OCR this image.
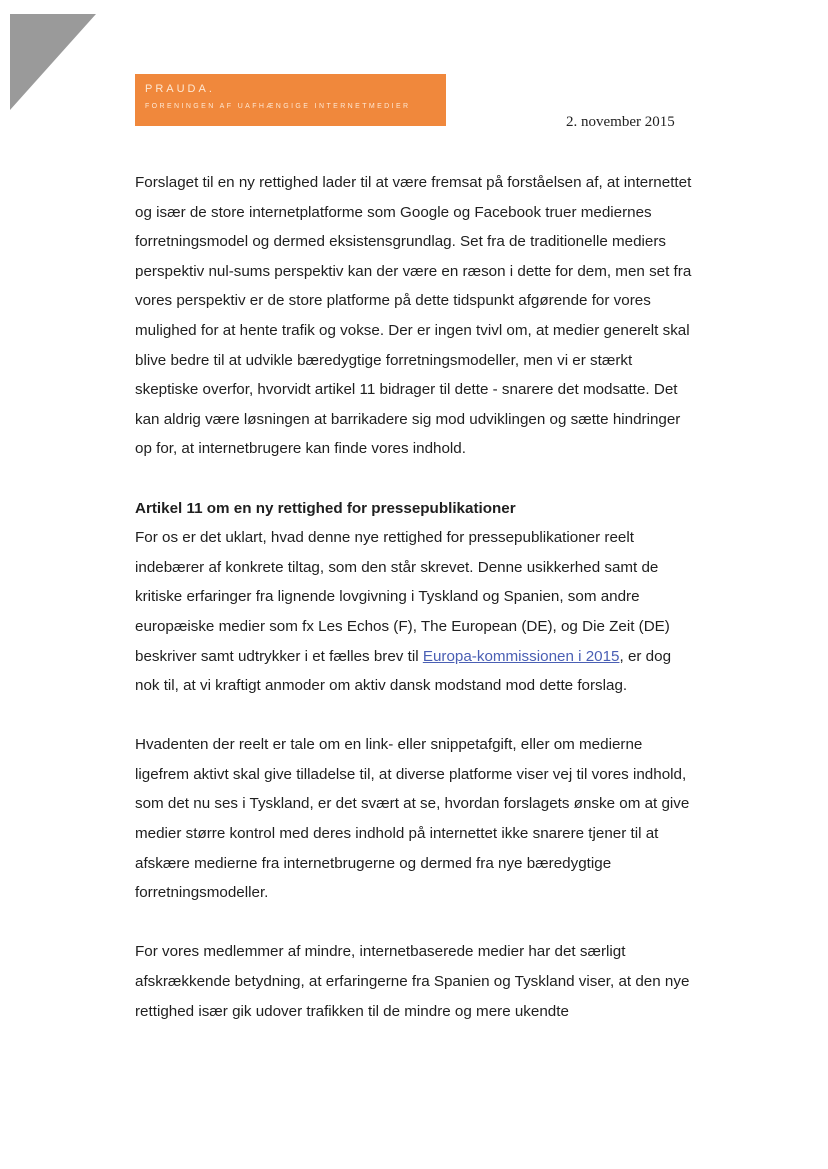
PRAUDA.
FORENINGEN AF UAFHÆNGIGE INTERNETMEDIER
2. november 2015

Forslaget til en ny rettighed lader til at være fremsat på forståelsen af, at internettet og især de store internetplatforme som Google og Facebook truer mediernes forretningsmodel og dermed eksistensgrundlag. Set fra de traditionelle mediers perspektiv nul-sums perspektiv kan der være en ræson i dette for dem, men set fra vores perspektiv er de store platforme på dette tidspunkt afgørende for vores mulighed for at hente trafik og vokse. Der er ingen tvivl om, at medier generelt skal blive bedre til at udvikle bæredygtige forretningsmodeller, men vi er stærkt skeptiske overfor, hvorvidt artikel 11 bidrager til dette - snarere det modsatte. Det kan aldrig være løsningen at barrikadere sig mod udviklingen og sætte hindringer op for, at internetbrugere kan finde vores indhold.

Artikel 11 om en ny rettighed for pressepublikationer

For os er det uklart, hvad denne nye rettighed for pressepublikationer reelt indebærer af konkrete tiltag, som den står skrevet. Denne usikkerhed samt de kritiske erfaringer fra lignende lovgivning i Tyskland og Spanien, som andre europæiske medier som fx Les Echos (F), The European (DE), og Die Zeit (DE) beskriver samt udtrykker i et fælles brev til Europa-kommissionen i 2015, er dog nok til, at vi kraftigt anmoder om aktiv dansk modstand mod dette forslag.

Hvadenten der reelt er tale om en link- eller snippetafgift, eller om medierne ligefrem aktivt skal give tilladelse til, at diverse platforme viser vej til vores indhold, som det nu ses i Tyskland, er det svært at se, hvordan forslagets ønske om at give medier større kontrol med deres indhold på internettet ikke snarere tjener til at afskære medierne fra internetbrugerne og dermed fra nye bæredygtige forretningsmodeller.

For vores medlemmer af mindre, internetbaserede medier har det særligt afskrækkende betydning, at erfaringerne fra Spanien og Tyskland viser, at den nye rettighed især gik udover trafikken til de mindre og mere ukendte
